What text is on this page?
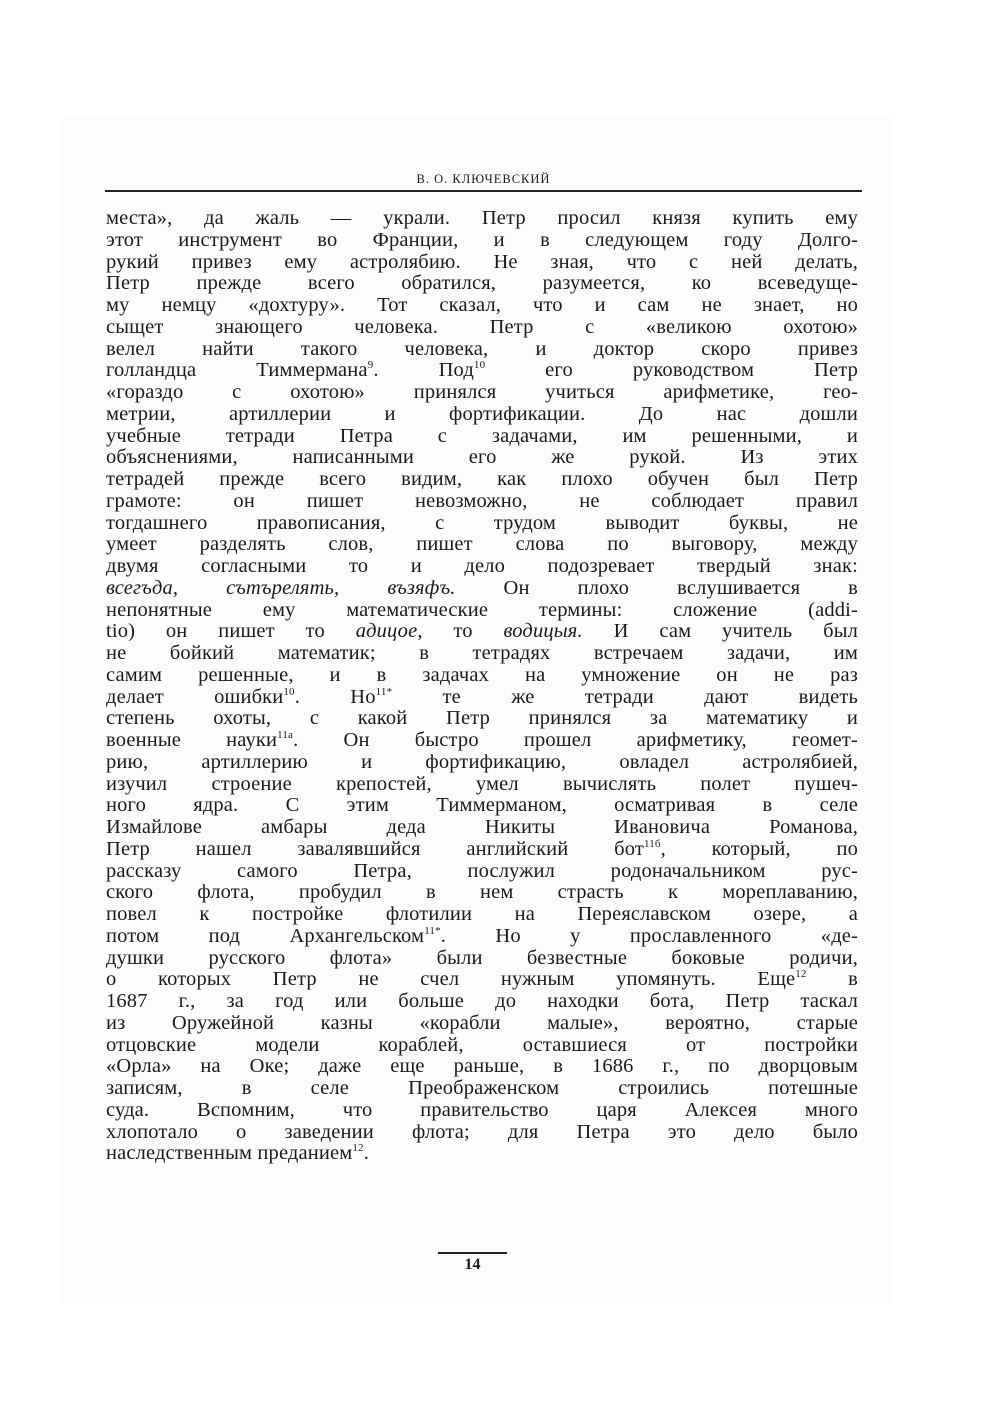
В. О. КЛЮЧЕВСКИЙ
места», да жаль — украли. Петр просил князя купить ему
этот инструмент во Франции, и в следующем году Долго-
рукий привез ему астролябию. Не зная, что с ней делать,
Петр прежде всего обратился, разумеется, ко всеведуще-
му немцу «дохтуру». Тот сказал, что и сам не знает, но
сыщет знающего человека. Петр с «великою охотою»
велел найти такого человека, и доктор скоро привез
голландца Тиммермана$^9$. Под$^{10}$ его руководством Петр
«гораздо с охотою» принялся учиться арифметике, гео-
метрии, артиллерии и фортификации. До нас дошли
учебные тетради Петра с задачами, им решенными, и
объяснениями, написанными его же рукой. Из этих
тетрадей прежде всего видим, как плохо обучен был Петр
грамоте: он пишет невозможно, не соблюдает правил
тогдашнего правописания, с трудом выводит буквы, не
умеет разделять слов, пишет слова по выговору, между
двумя согласными то и дело подозревает твердый знак:
всегъда, сътърелять, възяфъ. Он плохо вслушивается в
непонятные ему математические термины: сложение (addi-
tio) он пишет то адицое, то водицыя. И сам учитель был
не бойкий математик; в тетрадях встречаем задачи, им
самим решенные, и в задачах на умножение он не раз
делает ошибки$^{10}$. $Но^{11*}$ те же тетради дают видеть
степень охоты, с какой Петр принялся за математику и
военные науки$^{11а}$. Он быстро прошел арифметику, геомет-
рию, артиллерию и фортификацию, овладел астролябией,
изучил строение крепостей, умел вычислять полет пушеч-
ного ядра. С этим Тиммерманом, осматривая в селе
Измайлове амбары деда Никиты Ивановича Романова,
Петр нашел завалявшийся английский бот$^{11б}$, который, по
рассказу самого Петра, послужил родоначальником рус-
ского флота, пробудил в нем страсть к мореплаванию,
повел к постройке флотилии на Переяславском озере, а
потом под Архангельском$^{11*}$. Но у прославленного «де-
душки русского флота» были безвестные боковые родичи,
о которых Петр не счел нужным упомянуть. Еще$^{12}$ в
1687 г., за год или больше до находки бота, Петр таскал
из Оружейной казны «корабли малые», вероятно, старые
отцовские модели кораблей, оставшиеся от постройки
«Орла» на Оке; даже еще раньше, в 1686 г., по дворцовым
записям, в селе Преображенском строились потешные
суда. Вспомним, что правительство царя Алексея много
хлопотало о заведении флота; для Петра это дело было
наследственным преданием$^{12}$.
14
